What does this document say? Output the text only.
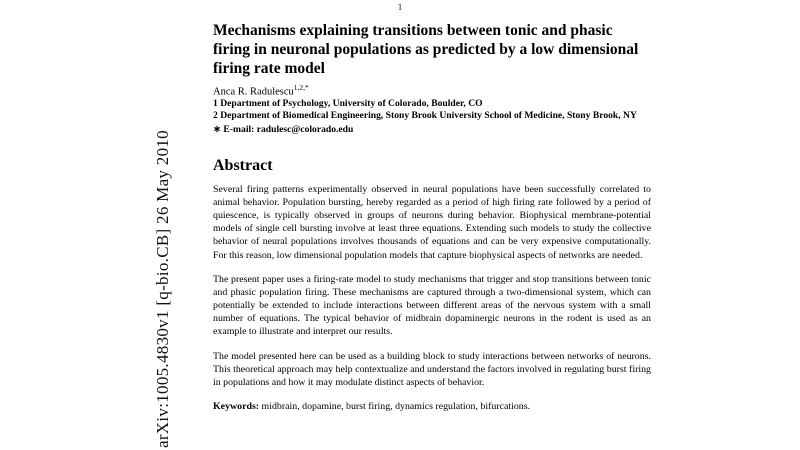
1
arXiv:1005.4830v1 [q-bio.CB] 26 May 2010
Mechanisms explaining transitions between tonic and phasic firing in neuronal populations as predicted by a low dimensional firing rate model

Anca R. Radulescu$^{1,2,*}$

1 Department of Psychology, University of Colorado, Boulder, CO

2 Department of Biomedical Engineering, Stony Brook University School of Medicine, Stony Brook, NY

∗ E-mail: radulesc@colorado.edu

Abstract

Several firing patterns experimentally observed in neural populations have been successfully correlated to animal behavior. Population bursting, hereby regarded as a period of high firing rate followed by a period of quiescence, is typically observed in groups of neurons during behavior. Biophysical membrane-potential models of single cell bursting involve at least three equations. Extending such models to study the collective behavior of neural populations involves thousands of equations and can be very expensive computationally. For this reason, low dimensional population models that capture biophysical aspects of networks are needed.

The present paper uses a firing-rate model to study mechanisms that trigger and stop transitions between tonic and phasic population firing. These mechanisms are captured through a two-dimensional system, which can potentially be extended to include interactions between different areas of the nervous system with a small number of equations. The typical behavior of midbrain dopaminergic neurons in the rodent is used as an example to illustrate and interpret our results.

The model presented here can be used as a building block to study interactions between networks of neurons. This theoretical approach may help contextualize and understand the factors involved in regulating burst firing in populations and how it may modulate distinct aspects of behavior.

Keywords: midbrain, dopamine, burst firing, dynamics regulation, bifurcations.
